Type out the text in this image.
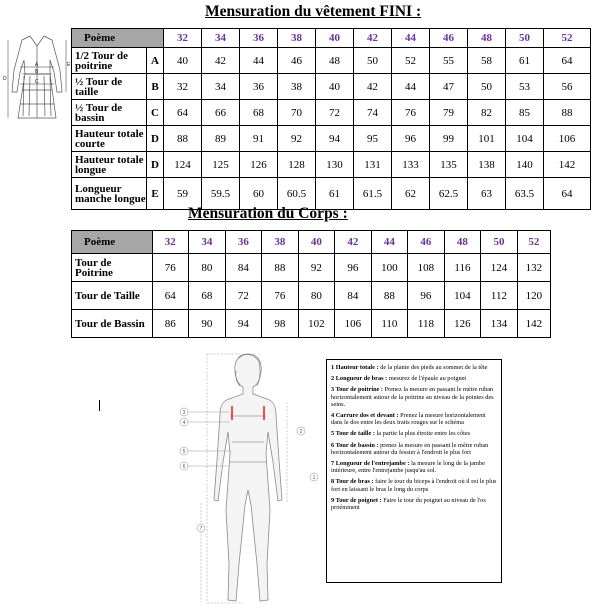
Mensuration du vêtement FINI :
A
B
C
D
E
Poème		32	34	36	38	40	42	44	46	48	50	52
1/2 Tour de poitrine	A	40	42	44	46	48	50	52	55	58	61	64
½ Tour de taille	B	32	34	36	38	40	42	44	47	50	53	56
½ Tour de bassin	C	64	66	68	70	72	74	76	79	82	85	88
Hauteur totale courte	D	88	89	91	92	94	95	96	99	101	104	106
Hauteur totale longue	D	124	125	126	128	130	131	133	135	138	140	142
Longueur manche longue	E	59	59.5	60	60.5	61	61.5	62	62.5	63	63.5	64
Mensuration du Corps :
Poème	32	34	36	38	40	42	44	46	48	50	52
Tour de Poitrine	76	80	84	88	92	96	100	108	116	124	132
Tour de Taille	64	68	72	76	80	84	88	96	104	112	120
Tour de Bassin	86	90	94	98	102	106	110	118	126	134	142
3
4
5
6
7
2
1

1 Hauteur totale : de la plante des pieds au sommet de la tête

2 Longueur de bras : mesurez de l'épaule au poignet

3 Tour de poitrine : Prenez la mesure en passant le mètre ruban horizontalement autour de la poitrine au niveau de la pointes des seins.

4 Carrure dos et devant : Prenez la mesure horizontalement dans le dos entre les deux traits rouges sur le schéma

5 Tour de taille : la partie la plus étroite entre les côtes

6 Tour de bassin : prenez la mesure en passant le mètre ruban horizontalement autour du fessier à l'endroit le plus fort

7 Longueur de l'entrejambe : la mesure le long de la jambe intérieure, entre l'entrejambe jusqu'au sol.

8 Tour de bras : faire le tour du biceps à l'endroit où il est le plus fort en laissant le bras le long du corps

9 Tour de poignet : Faire le tour du poignet au niveau de l'os proéminent
